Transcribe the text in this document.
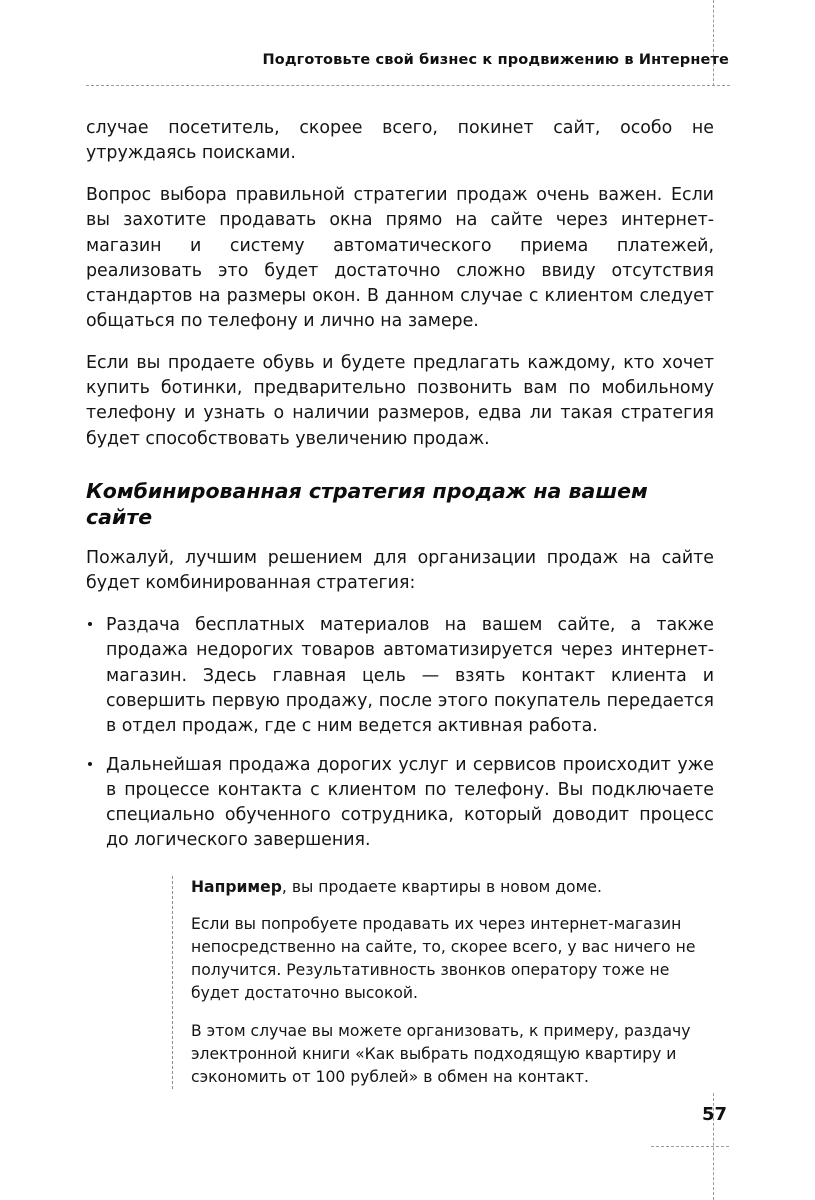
Подготовьте свой бизнес к продвижению в Интернете

случае посетитель, скорее всего, покинет сайт, особо не утруждаясь поисками.

Вопрос выбора правильной стратегии продаж очень важен. Если вы захотите продавать окна прямо на сайте через интернет-магазин и систему автоматического приема платежей, реализовать это будет достаточно сложно ввиду отсутствия стандартов на размеры окон. В данном случае с клиентом следует общаться по телефону и лично на замере.

Если вы продаете обувь и будете предлагать каждому, кто хочет купить ботинки, предварительно позвонить вам по мобильному телефону и узнать о наличии размеров, едва ли такая стратегия будет способствовать увеличению продаж.

Комбинированная стратегия продаж на вашем сайте

Пожалуй, лучшим решением для организации продаж на сайте будет комбинированная стратегия:

Раздача бесплатных материалов на вашем сайте, а также продажа недорогих товаров автоматизируется через интернет-магазин. Здесь главная цель — взять контакт клиента и совершить первую продажу, после этого покупатель передается в отдел продаж, где с ним ведется активная работа.
Дальнейшая продажа дорогих услуг и сервисов происходит уже в процессе контакта с клиентом по телефону. Вы подключаете специально обученного сотрудника, который доводит процесс до логического завершения.

Например, вы продаете квартиры в новом доме.

Если вы попробуете продавать их через интернет-магазин непосредственно на сайте, то, скорее всего, у вас ничего не получится. Результативность звонков оператору тоже не будет достаточно высокой.

В этом случае вы можете организовать, к примеру, раздачу электронной книги «Как выбрать подходящую квартиру и сэкономить от 100 рублей» в обмен на контакт.

57
